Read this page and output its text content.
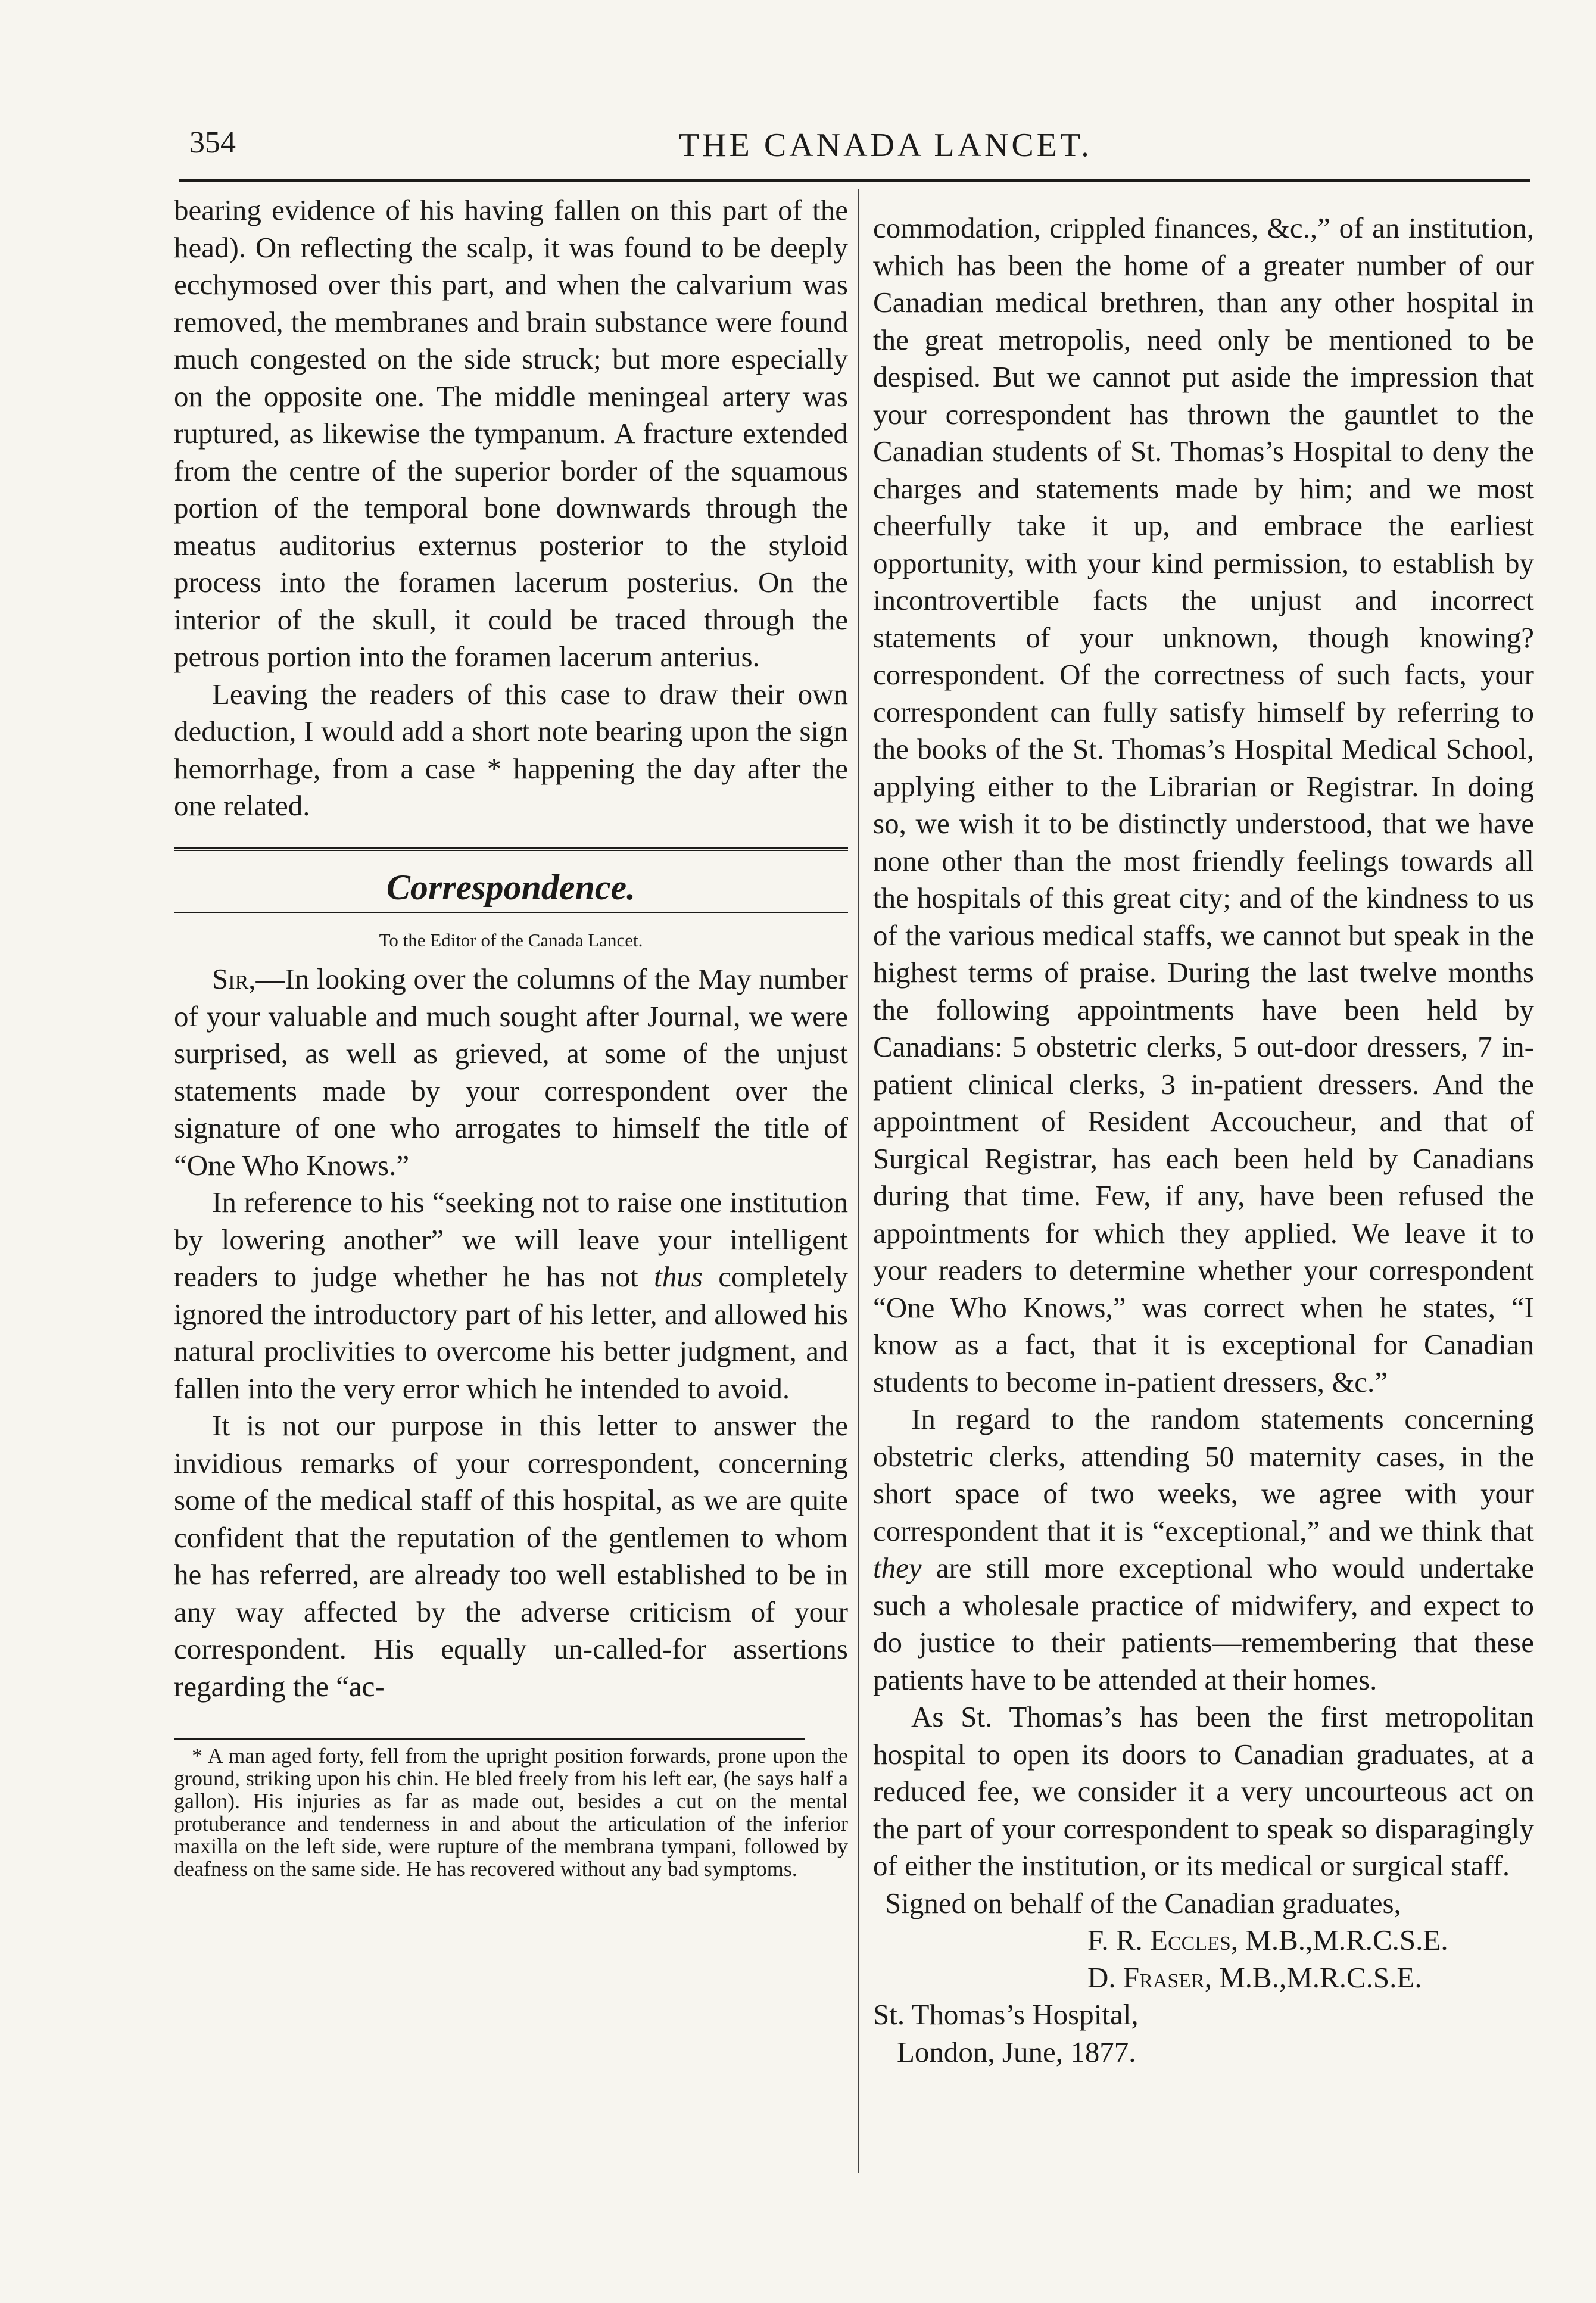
354	THE CANADA LANCET.

bearing evidence of his having fallen on this part of the head). On reflecting the scalp, it was found to be deeply ecchymosed over this part, and when the calvarium was removed, the membranes and brain substance were found much congested on the side struck; but more especially on the opposite one. The middle meningeal artery was ruptured, as likewise the tympanum. A fracture extended from the centre of the superior border of the squamous portion of the temporal bone downwards through the meatus auditorius externus posterior to the styloid process into the foramen lacerum posterius. On the interior of the skull, it could be traced through the petrous portion into the foramen lacerum anterius.

Leaving the readers of this case to draw their own deduction, I would add a short note bearing upon the sign hemorrhage, from a case * happening the day after the one related.

Correspondence.
To the Editor of the Canada Lancet.

Sir,—In looking over the columns of the May number of your valuable and much sought after Journal, we were surprised, as well as grieved, at some of the unjust statements made by your correspondent over the signature of one who arrogates to himself the title of “One Who Knows.”

In reference to his “seeking not to raise one institution by lowering another” we will leave your intelligent readers to judge whether he has not thus completely ignored the introductory part of his letter, and allowed his natural proclivities to overcome his better judgment, and fallen into the very error which he intended to avoid.

It is not our purpose in this letter to answer the invidious remarks of your correspondent, concerning some of the medical staff of this hospital, as we are quite confident that the reputation of the gentlemen to whom he has referred, are already too well established to be in any way affected by the adverse criticism of your correspondent. His equally un-called-for assertions regarding the “ac-

* A man aged forty, fell from the upright position forwards, prone upon the ground, striking upon his chin. He bled freely from his left ear, (he says half a gallon). His injuries as far as made out, besides a cut on the mental protuberance and tenderness in and about the articulation of the inferior maxilla on the left side, were rupture of the membrana tympani, followed by deafness on the same side. He has recovered without any bad symptoms.

commodation, crippled finances, &c.,” of an institution, which has been the home of a greater number of our Canadian medical brethren, than any other hospital in the great metropolis, need only be mentioned to be despised. But we cannot put aside the impression that your correspondent has thrown the gauntlet to the Canadian students of St. Thomas’s Hospital to deny the charges and statements made by him; and we most cheerfully take it up, and embrace the earliest opportunity, with your kind permission, to establish by incontrovertible facts the unjust and incorrect statements of your unknown, though knowing? correspondent. Of the correctness of such facts, your correspondent can fully satisfy himself by referring to the books of the St. Thomas’s Hospital Medical School, applying either to the Librarian or Registrar. In doing so, we wish it to be distinctly understood, that we have none other than the most friendly feelings towards all the hospitals of this great city; and of the kindness to us of the various medical staffs, we cannot but speak in the highest terms of praise. During the last twelve months the following appointments have been held by Canadians: 5 obstetric clerks, 5 out-door dressers, 7 in-patient clinical clerks, 3 in-patient dressers. And the appointment of Resident Accoucheur, and that of Surgical Registrar, has each been held by Canadians during that time. Few, if any, have been refused the appointments for which they applied. We leave it to your readers to determine whether your correspondent “One Who Knows,” was correct when he states, “I know as a fact, that it is exceptional for Canadian students to become in-patient dressers, &c.”

In regard to the random statements concerning obstetric clerks, attending 50 maternity cases, in the short space of two weeks, we agree with your correspondent that it is “exceptional,” and we think that they are still more exceptional who would undertake such a wholesale practice of midwifery, and expect to do justice to their patients—remembering that these patients have to be attended at their homes.

As St. Thomas’s has been the first metropolitan hospital to open its doors to Canadian graduates, at a reduced fee, we consider it a very uncourteous act on the part of your correspondent to speak so disparagingly of either the institution, or its medical or surgical staff.

Signed on behalf of the Canadian graduates,

F. R. Eccles, M.B.,M.R.C.S.E.

D. Fraser, M.B.,M.R.C.S.E.

St. Thomas’s Hospital,

London, June, 1877.
